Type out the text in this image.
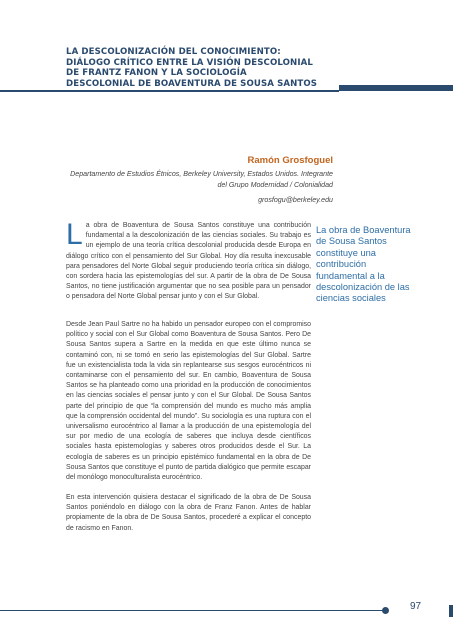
LA DESCOLONIZACIÓN DEL CONOCIMIENTO: DIÁLOGO CRÍTICO ENTRE LA VISIÓN DESCOLONIAL DE FRANTZ FANON Y LA SOCIOLOGÍA DESCOLONIAL DE BOAVENTURA DE SOUSA SANTOS

Ramón Grosfoguel
Departamento de Estudios Étnicos, Berkeley University, Estados Unidos. Integrante del Grupo Modernidad / Colonialidad
grosfogu@berkeley.edu

La obra de Boaventura de Sousa Santos constituye una contribución fundamental a la descolonización de las ciencias sociales. Su trabajo es un ejemplo de una teoría crítica descolonial producida desde Europa en diálogo crítico con el pensamiento del Sur Global. Hoy día resulta inexcusable para pensadores del Norte Global seguir produciendo teoría crítica sin diálogo, con sordera hacia las epistemologías del sur. A partir de la obra de De Sousa Santos, no tiene justificación argumentar que no sea posible para un pensador o pensadora del Norte Global pensar junto y con el Sur Global.

La obra de Boaventura de Sousa Santos constituye una contribución fundamental a la descolonización de las ciencias sociales

Desde Jean Paul Sartre no ha habido un pensador europeo con el compromiso político y social con el Sur Global como Boaventura de Sousa Santos. Pero De Sousa Santos supera a Sartre en la medida en que este último nunca se contaminó con, ni se tomó en serio las epistemologías del Sur Global. Sartre fue un existencialista toda la vida sin replantearse sus sesgos eurocéntricos ni contaminarse con el pensamiento del sur. En cambio, Boaventura de Sousa Santos se ha planteado como una prioridad en la producción de conocimientos en las ciencias sociales el pensar junto y con el Sur Global. De Sousa Santos parte del principio de que “la comprensión del mundo es mucho más amplia que la comprensión occidental del mundo”. Su sociología es una ruptura con el universalismo eurocéntrico al llamar a la producción de una epistemología del sur por medio de una ecología de saberes que incluya desde científicos sociales hasta epistemologías y saberes otros producidos desde el Sur. La ecología de saberes es un principio epistémico fundamental en la obra de De Sousa Santos que constituye el punto de partida dialógico que permite escapar del monólogo monoculturalista eurocéntrico.

En esta intervención quisiera destacar el significado de la obra de De Sousa Santos poniéndolo en diálogo con la obra de Franz Fanon. Antes de hablar propiamente de la obra de De Sousa Santos, procederé a explicar el concepto de racismo en Fanon.

97
